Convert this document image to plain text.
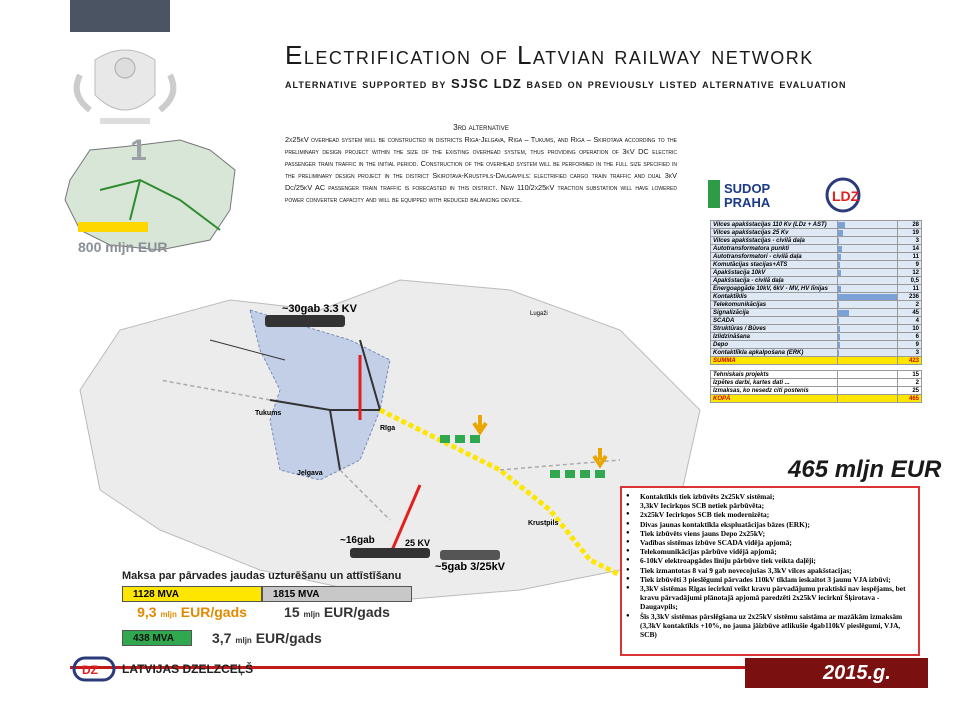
Electrification of Latvian railway network
alternative supported by SJSC LDZ based on previously listed alternative evaluation
3rd alternative
2x25kV overhead system will be constructed in districts Riga-Jelgava, Riga – Tukums, and Riga – Skirotava according to the preliminary design project within the size of the existing overhead system, thus providing operation of 3kV DC electric passenger train traffic in the initial period. Construction of the overhead system will be performed in the full size specified in the preliminary design project in the district Skirotava-Krustpils-Daugavpils: electrified cargo train traffic and dual 3kV Dc/25kV AC passenger train traffic is forecasted in this district. New 110/2x25kV traction substation will have lowered power converter capacity and will be equipped with reduced balancing device.
1
800 mljn EUR
~30gab 3.3 KV
~16gab	25 KV
~5gab 3/25kV
Tukums
Jelgava
Rīga
Krustpils
Lugaži
SUDOP
PRAHA	LDZ
Vilces apakšstacijas 110 Kv (LDz + AST)		28
Vilces apakšstacijas 25 Kv		19
Vilces apakšstacijas - civilā daļa		3
Autotransformatora punkti		14
Autotransformatori - civilā daļa		11
Komutācijas stacijas+ATS		9
Apakšstacija 10kV		12
Apakšstacija - civilā daļa		0,5
Energoapgāde 10kV, 6kV - MV, HV līnijas		11
Kontaktīklis		236
Telekomunikācijas		2
Signalizācija		45
SCADA		4
Struktūras / Būves		10
Izlidzināšana		6
Depo		9
Kontaktlīkla apkalpošana (ERK)		3
SUMMA		423

Tehniskais projekts		15
Izpētes darbi, kartes dati ...		2
Izmaksas, ko nesedz citi postenis		25
KOPĀ		465
465 mljn EUR
● Kontaktīkls tiek izbūvēts 2x25kV sistēmai;
● 3,3kV Iecirkņos SCB netiek pārbūvēta;
● 2x25kV Iecirkņos SCB tiek modernizēta;
● Divas jaunas kontaktīkla ekspluatācijas bāzes (ERK);
● Tiek izbūvēts viens jauns Depo 2x25kV;
● Vadības sistēmas izbūve SCADA vidēja apjomā;
● Telekomunikācijas pārbūve vidējā apjomā;
● 6-10kV elektroapgādes līniju pārbūve tiek veikta daļēji;
● Tiek izmantotas 8 vai 9 gab novecojušas 3,3kV vilces apakšstacijas;
● Tiek izbūvēti 3 pieslēgumi pārvades 110kV tīklam ieskaitot 3 jaunu VJA izbūvi;
● 3,3kV sistēmas Rīgas iecirknī veikt kravu pārvadājumu praktiski nav iespējams, bet kravu pārvadājumi plānotajā apjomā paredzēti 2x25kV iecirknī Šķirotava - Daugavpils;
● Šīs 3,3kV sistēmas pārslēgšana uz 2x25kV sistēmu saistāma ar mazākām izmaksām (3,3kV kontaktīkls +10%, no jauna jāizbūve atlikušie 4gab110kV pieslēgumi, VJA, SCB)
Maksa par pārvades jaudas uzturēšanu un attīstīšanu
1128 MVA	1815 MVA
9,3 mljn EUR/gads	15 mljn EUR/gads
438 MVA	3,7 mljn EUR/gads
DZ LATVIJAS DZELZCEĻŠ	2015.g.
